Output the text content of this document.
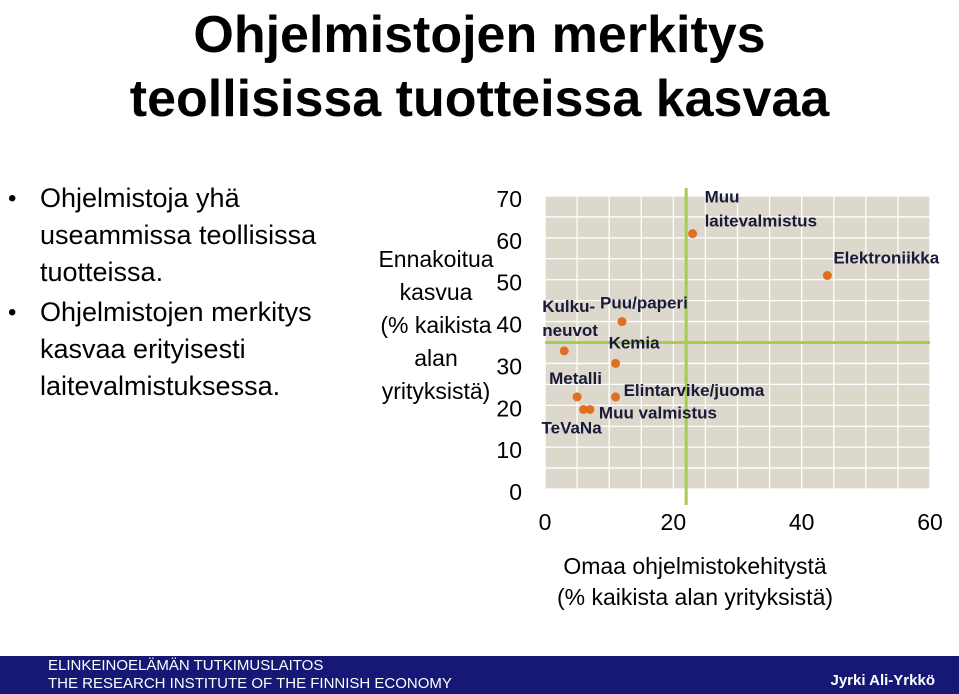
Ohjelmistojen merkitys
teollisissa tuotteissa kasvaa
• Ohjelmistoja yhä
useammissa teollisissa
tuotteissa.
• Ohjelmistojen merkitys
kasvaa erityisesti
laitevalmistuksessa.
Ennakoitua
kasvua
(% kaikista
alan
yrityksistä)
0
10
20
30
40
50
60
70
0	20	40	60
Muu
laitevalmistus
Elektroniikka
Puu/paperi
Kulku-
neuvot
Kemia
Metalli
Elintarvike/juoma
Muu valmistus
TeVaNa
Omaa ohjelmistokehitystä
(% kaikista alan yrityksistä)
ELINKEINOELÄMÄN TUTKIMUSLAITOS
THE RESEARCH INSTITUTE OF THE FINNISH ECONOMY	Jyrki Ali-Yrkkö
